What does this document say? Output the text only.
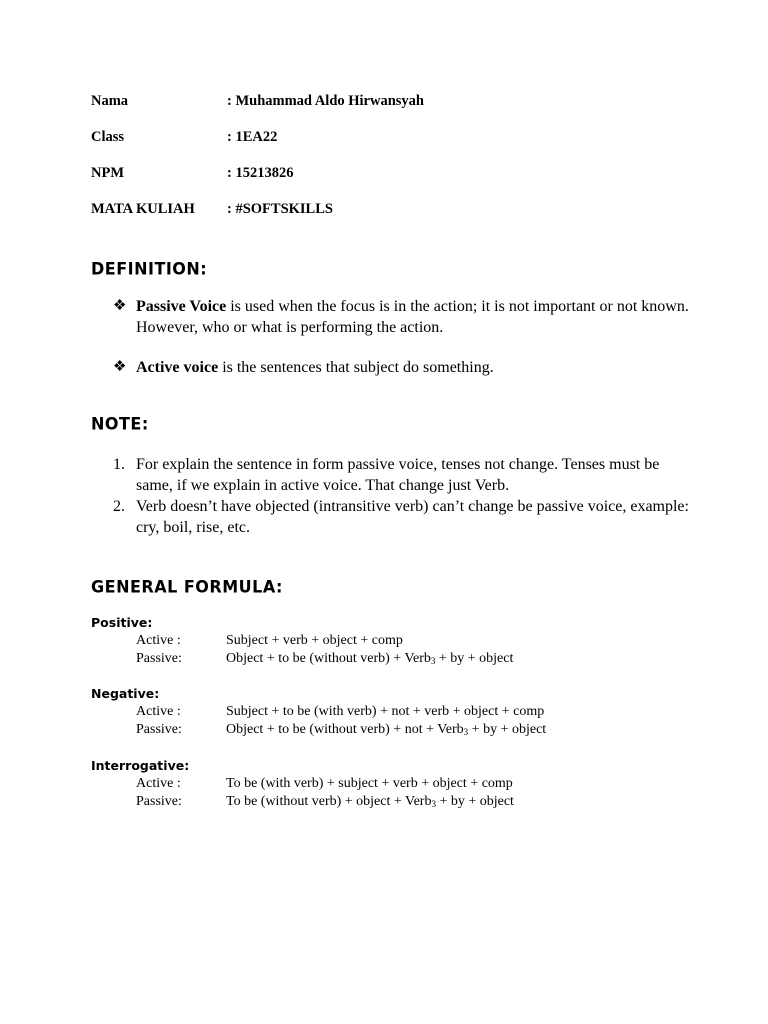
Nama	: Muhammad Aldo Hirwansyah
Class	: 1EA22
NPM	: 15213826
MATA KULIAH : #SOFTSKILLS
DEFINITION:
❖ Passive Voice is used when the focus is in the action; it is not important or not known. However, who or what is performing the action.
❖ Active voice is the sentences that subject do something.
NOTE:
1. For explain the sentence in form passive voice, tenses not change. Tenses must be same, if we explain in active voice. That change just Verb.
2. Verb doesn’t have objected (intransitive verb) can’t change be passive voice, example: cry, boil, rise, etc.
GENERAL FORMULA:
Positive:
Active :	Subject + verb + object + comp
Passive:	Object + to be (without verb) + Verb$_3$ + by + object
Negative:
Active :	Subject + to be (with verb) + not + verb + object + comp
Passive:	Object + to be (without verb) + not + Verb$_3$ + by + object
Interrogative:
Active :	To be (with verb) + subject + verb + object + comp
Passive:	To be (without verb) + object + Verb$_3$ + by + object
